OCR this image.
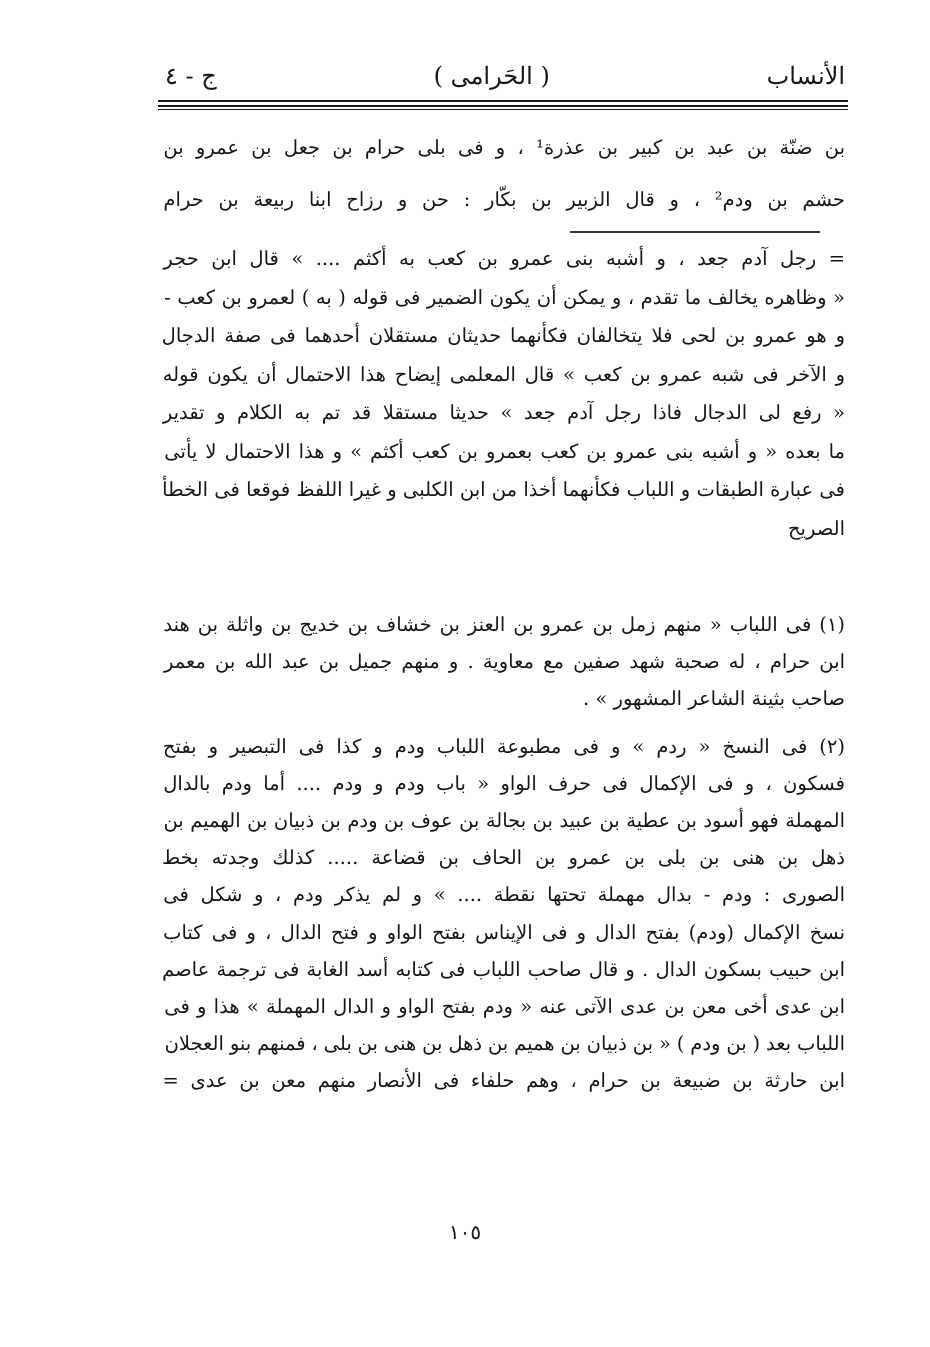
الأنساب
( الحَرامى )
ج - ٤
بن ضنّة بن عبد بن كبير بن عذرة¹ ، و فى بلى حرام بن جعل بن عمرو بن
حشم بن ودم² ، و قال الزبير بن بكّار : حن و رزاح ابنا ربيعة بن حرام
= رجل آدم جعد ، و أشبه بنى عمرو بن كعب به أكثم .... » قال ابن حجر
« وظاهره يخالف ما تقدم ، و يمكن أن يكون الضمير فى قوله ( به ) لعمرو بن كعب -
و هو عمرو بن لحى فلا يتخالفان فكأنهما حديثان مستقلان أحدهما فى صفة الدجال
و الآخر فى شبه عمرو بن كعب » قال المعلمى إيضاح هذا الاحتمال أن يكون قوله
« رفع لى الدجال فاذا رجل آدم جعد » حديثا مستقلا قد تم به الكلام و تقدير
ما بعده « و أشبه بنى عمرو بن كعب بعمرو بن كعب أكثم » و هذا الاحتمال لا يأتى
فى عبارة الطبقات و اللباب فكأنهما أخذا من ابن الكلبى و غيرا اللفظ فوقعا فى الخطأ
الصريح
(١) فى اللباب « منهم زمل بن عمرو بن العنز بن خشاف بن خديج بن واثلة بن هند
ابن حرام ، له صحبة شهد صفين مع معاوية . و منهم جميل بن عبد الله بن معمر
صاحب بثينة الشاعر المشهور » .
(٢) فى النسخ « ردم » و فى مطبوعة اللباب ودم و كذا فى التبصير و بفتح
فسكون ، و فى الإكمال فى حرف الواو « باب ودم و ودم .... أما ودم بالدال
المهملة فهو أسود بن عطية بن عبيد بن بجالة بن عوف بن ودم بن ذبيان بن الهميم بن
ذهل بن هنى بن بلى بن عمرو بن الحاف بن قضاعة ..... كذلك وجدته بخط
الصورى : ودم - بدال مهملة تحتها نقطة .... » و لم يذكر ودم ، و شكل فى
نسخ الإكمال (ودم) بفتح الدال و فى الإيناس بفتح الواو و فتح الدال ، و فى كتاب
ابن حبيب بسكون الدال . و قال صاحب اللباب فى كتابه أسد الغابة فى ترجمة عاصم
ابن عدى أخى معن بن عدى الآتى عنه « ودم بفتح الواو و الدال المهملة » هذا و فى
اللباب بعد ( بن ودم ) « بن ذبيان بن هميم بن ذهل بن هنى بن بلى ، فمنهم بنو العجلان
ابن حارثة بن ضبيعة بن حرام ، وهم حلفاء فى الأنصار منهم معن بن عدى =
١٠٥
